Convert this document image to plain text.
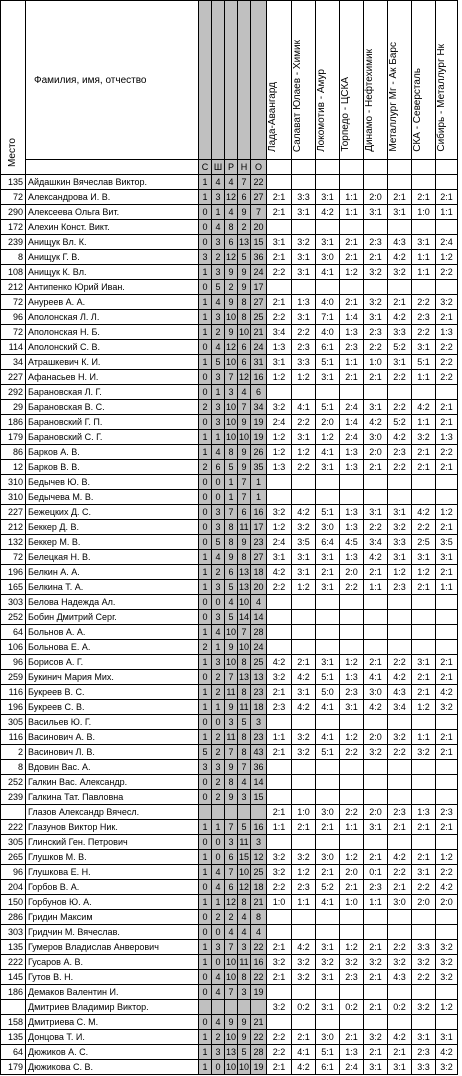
Место	Фамилия, имя, отчество						Лада-Авангард	Салават Юлаев - Химик	Локомотив - Амур	Торпедо - ЦСКА	Динамо - Нефтехимик	Металлург Мг - Ак Барс	СКА - Северсталь	Сибирь - Металлург Нк
		С	Ш	Р	Н	О								
135	Айдашкин Вячеслав Виктор.	1	4	4	7	22								
72	Александрова И. В.	1	3	12	6	27	2:1	3:3	3:1	1:1	2:0	2:1	2:1	2:1
290	Алексеева Ольга Вит.	0	1	4	9	7	2:1	3:1	4:2	1:1	3:1	3:1	1:0	1:1
172	Алехин Конст. Викт.	0	4	8	2	20								
239	Анищук Вл. К.	0	3	6	13	15	3:1	3:2	3:1	2:1	2:3	4:3	3:1	2:4
8	Анищук Г. В.	3	2	12	5	36	2:1	3:1	3:0	2:1	2:1	4:2	1:1	1:2
108	Анищук К. Вл.	1	3	9	9	24	2:2	3:1	4:1	1:2	3:2	3:2	1:1	2:2
212	Антипенко Юрий Иван.	0	5	2	9	17								
72	Ануреев А. А.	1	4	9	8	27	2:1	1:3	4:0	2:1	3:2	2:1	2:2	3:2
96	Аполонская Л. Л.	1	3	10	8	25	2:2	3:1	7:1	1:4	3:1	4:2	2:3	2:1
72	Аполонская Н. Б.	1	2	9	10	21	3:4	2:2	4:0	1:3	2:3	3:3	2:2	1:3
114	Аполонский С. В.	0	4	12	6	24	1:3	2:3	6:1	2:3	2:2	5:2	3:1	2:2
34	Атрашкевич К. И.	1	5	10	6	31	3:1	3:3	5:1	1:1	1:0	3:1	5:1	2:2
227	Афанасьев Н. И.	0	3	7	12	16	1:2	1:2	3:1	2:1	2:1	2:2	1:1	2:2
292	Барановская Л. Г.	0	1	3	4	6								
29	Барановская В. С.	2	3	10	7	34	3:2	4:1	5:1	2:4	3:1	2:2	4:2	2:1
186	Барановский Г. П.	0	3	10	9	19	2:4	2:2	2:0	1:4	4:2	5:2	1:1	2:1
179	Барановский С. Г.	1	1	10	10	19	1:2	3:1	1:2	2:4	3:0	4:2	3:2	1:3
86	Барков А. В.	1	4	8	9	26	1:2	1:2	4:1	1:3	2:0	2:3	2:1	2:2
12	Барков В. В.	2	6	5	9	35	1:3	2:2	3:1	1:3	2:1	2:2	2:1	2:1
310	Бедычев Ю. В.	0	0	1	7	1								
310	Бедычева М. В.	0	0	1	7	1								
227	Бежецких Д. С.	0	3	7	6	16	3:2	4:2	5:1	1:3	3:1	3:1	4:2	1:2
212	Беккер Д. В.	0	3	8	11	17	1:2	3:2	3:0	1:3	2:2	3:2	2:2	2:1
132	Беккер М. В.	0	5	8	9	23	2:4	3:5	6:4	4:5	3:4	3:3	2:5	3:5
72	Белецкая Н. В.	1	4	9	8	27	3:1	3:1	3:1	1:3	4:2	3:1	3:1	3:1
196	Белкин А. А.	1	2	6	13	18	4:2	3:1	2:1	2:0	2:1	1:2	1:2	2:1
165	Белкина Т. А.	1	3	5	13	20	2:2	1:2	3:1	2:2	1:1	2:3	2:1	1:1
303	Белова Надежда Ал.	0	0	4	10	4								
252	Бобин Дмитрий Серг.	0	3	5	14	14								
64	Больнов А. А.	1	4	10	7	28								
106	Больнова Е. А.	2	1	9	10	24								
96	Борисов А. Г.	1	3	10	8	25	4:2	2:1	3:1	1:2	2:1	2:2	3:1	2:1
259	Букинич Мария Мих.	0	2	7	13	13	3:2	4:2	5:1	1:3	4:1	4:2	2:1	2:1
116	Букреев В. С.	1	2	11	8	23	2:1	3:1	5:0	2:3	3:0	4:3	2:1	4:2
196	Букреев С. В.	1	1	9	11	18	2:3	4:2	4:1	3:1	4:2	3:4	1:2	3:2
305	Васильев Ю. Г.	0	0	3	5	3								
116	Васинович А. В.	1	2	11	8	23	1:1	3:2	4:1	1:2	2:0	3:2	1:1	2:1
2	Васинович Л. В.	5	2	7	8	43	2:1	3:2	5:1	2:2	3:2	2:2	3:2	2:1
8	Вдовин Вас. А.	3	3	9	7	36								
252	Галкин Вас. Александр.	0	2	8	4	14								
239	Галкина Тат. Павловна	0	2	9	3	15								
	Глазов Александр Вячесл.						2:1	1:0	3:0	2:2	2:0	2:3	1:3	2:3
222	Глазунов Виктор Ник.	1	1	7	5	16	1:1	2:1	2:1	1:1	3:1	2:1	2:1	2:1
305	Глинский Ген. Петрович	0	0	3	11	3								
265	Глушков М. В.	1	0	6	15	12	3:2	3:2	3:0	1:2	2:1	4:2	2:1	1:2
96	Глушкова Е. Н.	1	4	7	10	25	3:2	1:2	2:1	2:0	0:1	2:2	3:1	2:2
204	Горбов В. А.	0	4	6	12	18	2:2	2:3	5:2	2:1	2:3	2:1	2:2	4:2
150	Горбунов Ю. А.	1	1	12	8	21	1:0	1:1	4:1	1:0	1:1	3:0	2:0	2:0
286	Гридин Максим	0	2	2	4	8								
303	Гридчин М. Вячеслав.	0	0	4	4	4								
135	Гумеров Владислав Анверович	1	3	7	3	22	2:1	4:2	3:1	1:2	2:1	2:2	3:3	3:2
222	Гусаров А. В.	1	0	10	11	16	3:2	3:2	3:2	3:2	3:2	3:2	3:2	3:2
145	Гутов В. Н.	0	4	10	8	22	2:1	3:2	3:1	2:3	2:1	4:3	2:2	3:2
186	Демаков Валентин И.	0	4	7	3	19								
	Дмитриев Владимир Виктор.						3:2	0:2	3:1	0:2	2:1	0:2	3:2	1:2
158	Дмитриева С. М.	0	4	9	9	21								
135	Донцова Т. И.	1	2	10	9	22	2:2	2:1	3:0	2:1	3:2	4:2	3:1	3:1
64	Дюжиков А. С.	1	3	13	5	28	2:2	4:1	5:1	1:3	2:1	2:1	2:3	4:2
179	Дюжикова С. В.	1	0	10	10	19	2:1	4:2	6:1	2:4	3:1	3:1	3:3	3:2
